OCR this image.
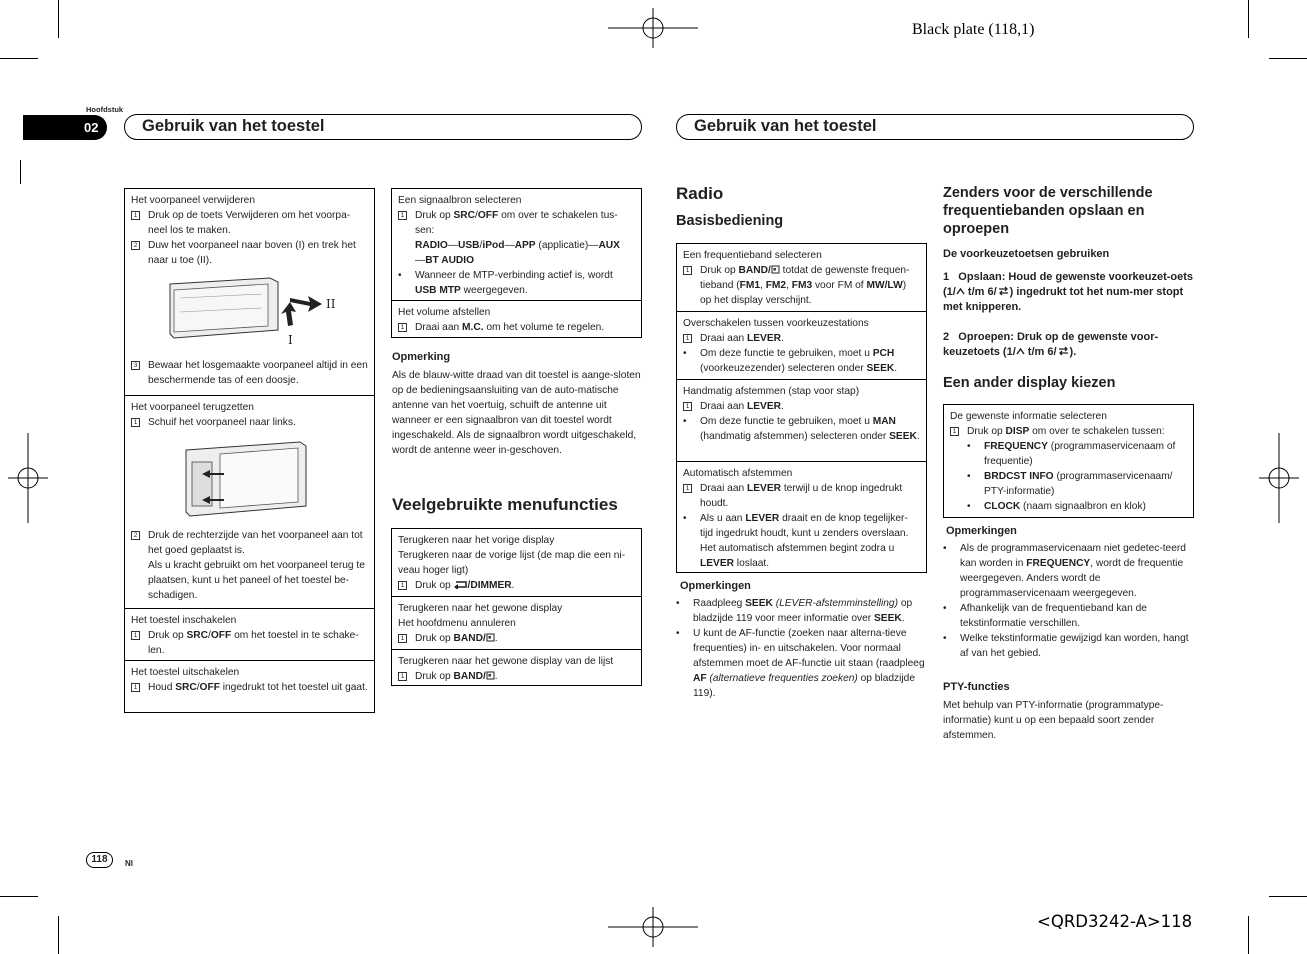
Black plate (118,1)
Hoofdstuk
02	Gebruik van het toestel	Gebruik van het toestel
Het voorpaneel verwijderen
1 Druk op de toets Verwijderen om het voorpa-neel los te maken.
2 Duw het voorpaneel naar boven (I) en trek het naar u toe (II).
II
I
3 Bewaar het losgemaakte voorpaneel altijd in een beschermende tas of een doosje.
Het voorpaneel terugzetten
1 Schuif het voorpaneel naar links.
2 Druk de rechterzijde van het voorpaneel aan tot het goed geplaatst is.
Als u kracht gebruikt om het voorpaneel terug te plaatsen, kunt u het paneel of het toestel be-schadigen.
Het toestel inschakelen
1 Druk op SRC/OFF om het toestel in te schake-len.
Het toestel uitschakelen
1 Houd SRC/OFF ingedrukt tot het toestel uit gaat.
Een signaalbron selecteren
1 Druk op SRC/OFF om over te schakelen tus-sen:
RADIO—USB/iPod—APP (applicatie)—AUX
—BT AUDIO
•	Wanneer de MTP-verbinding actief is, wordt USB MTP weergegeven.
Het volume afstellen
1 Draai aan M.C. om het volume te regelen.
Opmerking
Als de blauw-witte draad van dit toestel is aange-sloten op de bedieningsaansluiting van de auto-matische antenne van het voertuig, schuift de antenne uit wanneer er een signaalbron van dit toestel wordt ingeschakeld. Als de signaalbron wordt uitgeschakeld, wordt de antenne weer in-geschoven.
Veelgebruikte menufuncties
Terugkeren naar het vorige display
Terugkeren naar de vorige lijst (de map die een ni-veau hoger ligt)
1 Druk op /DIMMER.
Terugkeren naar het gewone display
Het hoofdmenu annuleren
1 Druk op BAND/ .
Terugkeren naar het gewone display van de lijst
1 Druk op BAND/ .
Radio
Basisbediening
Een frequentieband selecteren
1 Druk op BAND/ totdat de gewenste frequen-tieband (FM1, FM2, FM3 voor FM of MW/LW) op het display verschijnt.
Overschakelen tussen voorkeuzestations
1 Draai aan LEVER.
•	Om deze functie te gebruiken, moet u PCH (voorkeuzezender) selecteren onder SEEK.
Handmatig afstemmen (stap voor stap)
1 Draai aan LEVER.
•	Om deze functie te gebruiken, moet u MAN (handmatig afstemmen) selecteren onder SEEK.
Automatisch afstemmen
1 Draai aan LEVER terwijl u de knop ingedrukt houdt.
•	Als u aan LEVER draait en de knop tegelijker-tijd ingedrukt houdt, kunt u zenders overslaan. Het automatisch afstemmen begint zodra u LEVER loslaat.
Opmerkingen
•	Raadpleeg SEEK (LEVER-afstemminstelling) op bladzijde 119 voor meer informatie over SEEK.
•	U kunt de AF-functie (zoeken naar alterna-tieve frequenties) in- en uitschakelen. Voor normaal afstemmen moet de AF-functie uit staan (raadpleeg AF (alternatieve frequenties zoeken) op bladzijde 119).
Zenders voor de verschillende frequentiebanden opslaan en oproepen
De voorkeuzetoetsen gebruiken
1 Opslaan: Houd de gewenste voorkeuzet-oets (1/ t/m 6/ ) ingedrukt tot het num-mer stopt met knipperen.
2 Oproepen: Druk op de gewenste voor-keuzetoets (1/ t/m 6/ ).
Een ander display kiezen
De gewenste informatie selecteren
1 Druk op DISP om over te schakelen tussen:
•	FREQUENCY (programmaservicenaam of frequentie)
•	BRDCST INFO (programmaservicenaam/ PTY-informatie)
•	CLOCK (naam signaalbron en klok)
Opmerkingen
•	Als de programmaservicenaam niet gedetec-teerd kan worden in FREQUENCY, wordt de frequentie weergegeven. Anders wordt de programmaservicenaam weergegeven.
•	Afhankelijk van de frequentieband kan de tekstinformatie verschillen.
•	Welke tekstinformatie gewijzigd kan worden, hangt af van het gebied.
PTY-functies
Met behulp van PTY-informatie (programmatype-informatie) kunt u op een bepaald soort zender afstemmen.
118	Nl
<QRD3242-A>118
